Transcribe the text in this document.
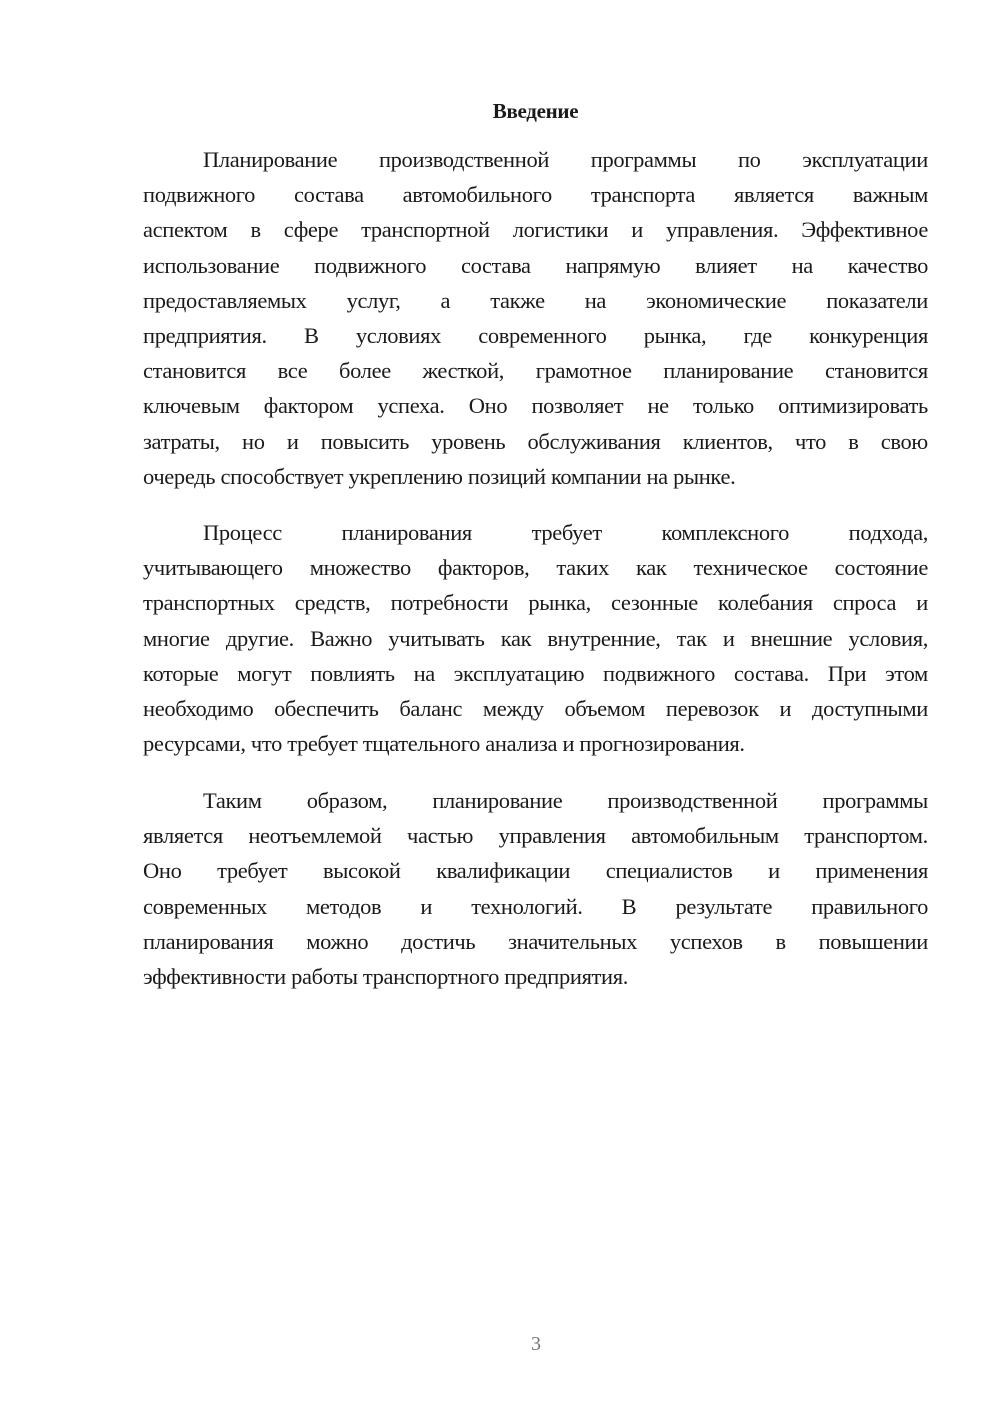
Введение
Планирование производственной программы по эксплуатации
подвижного состава автомобильного транспорта является важным
аспектом в сфере транспортной логистики и управления. Эффективное
использование подвижного состава напрямую влияет на качество
предоставляемых услуг, а также на экономические показатели
предприятия. В условиях современного рынка, где конкуренция
становится все более жесткой, грамотное планирование становится
ключевым фактором успеха. Оно позволяет не только оптимизировать
затраты, но и повысить уровень обслуживания клиентов, что в свою
очередь способствует укреплению позиций компании на рынке.
Процесс	планирования	требует	комплексного	подхода,
учитывающего множество факторов, таких как техническое состояние
транспортных средств, потребности рынка, сезонные колебания спроса и
многие другие. Важно учитывать как внутренние, так и внешние условия,
которые могут повлиять на эксплуатацию подвижного состава. При этом
необходимо обеспечить баланс между объемом перевозок и доступными
ресурсами, что требует тщательного анализа и прогнозирования.
Таким образом, планирование производственной программы
является неотъемлемой частью управления автомобильным транспортом.
Оно требует высокой квалификации специалистов и применения
современных методов и технологий. В результате правильного
планирования можно достичь значительных успехов в повышении
эффективности работы транспортного предприятия.
3
